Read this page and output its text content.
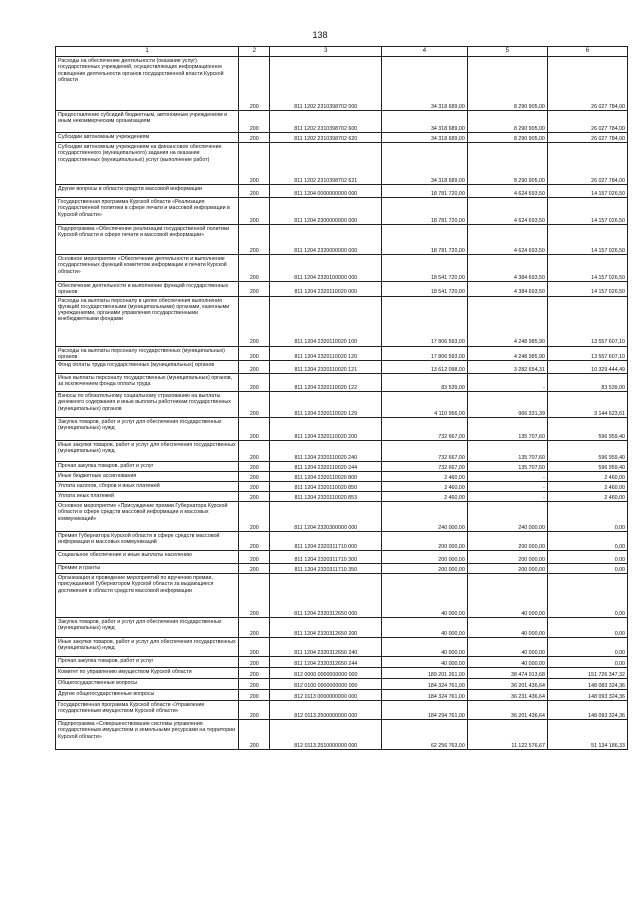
138
1	2	3	4	5	6
Расходы на обеспечение деятельности (оказание услуг) государственных учреждений, осуществляющих информационное освещение деятельности органов государственной власти Курской области	200	811 1202 2310398702 000	34 318 689,00	8 290 905,00	26 027 784,00
Предоставление субсидий бюджетным, автономным учреждениям и иным некоммерческим организациям	200	811 1202 2310398702 600	34 318 689,00	8 290 905,00	26 027 784,00
Субсидии автономным учреждениям	200	811 1202 2310398702 620	34 318 689,00	8 290 905,00	26 027 784,00
Субсидии автономным учреждениям на финансовое обеспечение государственного (муниципального) задания на оказание государственных (муниципальных) услуг (выполнение работ)	200	811 1202 2310398702 621	34 318 689,00	8 290 905,00	26 027 784,00
Другие вопросы в области средств массовой информации	200	811 1204 0000000000 000	18 781 720,00	4 624 693,50	14 157 026,50
Государственная программа Курской области «Реализация государственной политики в сфере печати и массовой информации в Курской области»	200	811 1204 2300000000 000	18 781 720,00	4 624 693,50	14 157 026,50
Подпрограмма «Обеспечение реализации государственной политики Курской области в сфере печати и массовой информации»	200	811 1204 2320000000 000	18 781 720,00	4 624 693,50	14 157 026,50
Основное мероприятие «Обеспечение деятельности и выполнение государственных функций комитетом информации и печати Курской области»	200	811 1204 2320100000 000	18 541 720,00	4 384 693,50	14 157 026,50
Обеспечение деятельности и выполнение функций государственных органов	200	811 1204 2320110020 000	18 541 720,00	4 384 693,50	14 157 026,50
Расходы на выплаты персоналу в целях обеспечения выполнения функций государственными (муниципальными) органами, казенными учреждениями, органами управления государственными внебюджетными фондами	200	811 1204 2320110020 100	17 806 593,00	4 248 985,90	13 557 607,10
Расходы на выплаты персоналу государственных (муниципальных) органов	200	811 1204 2320110020 120	17 806 593,00	4 248 985,90	13 557 607,10
Фонд оплаты труда государственных (муниципальных) органов	200	811 1204 2320110020 121	13 612 098,00	3 282 654,31	10 329 444,49
Иные выплаты персоналу государственных (муниципальных) органов, за исключением фонда оплаты труда	200	811 1204 2320110020 122	83 539,00	-	83 539,00
Взносы по обязательному социальному страхованию на выплаты денежного содержания и иные выплаты работникам государственных (муниципальных) органов	200	811 1204 2320110020 129	4 110 956,00	966 331,39	3 144 623,61
Закупка товаров, работ и услуг для обеспечения государственных (муниципальных) нужд	200	811 1204 2320110020 200	732 667,00	135 707,60	596 959,40
Иные закупки товаров, работ и услуг для обеспечения государственных (муниципальных) нужд	200	811 1204 2320110020 240	732 667,00	135 707,60	596 959,40
Прочая закупка товаров, работ и услуг	200	811 1204 2320110020 244	732 667,00	135 707,60	596 959,40
Иные бюджетные ассигнования	200	811 1204 2320110020 800	2 460,00	-	2 460,00
Уплата налогов, сборов и иных платежей	200	811 1204 2320110020 850	2 460,00	-	2 460,00
Уплата иных платежей	200	811 1204 2320110020 853	2 460,00	-	2 460,00
Основное мероприятие «Присуждение премии Губернатора Курской области в сфере средств массовой информации и массовых коммуникаций»	200	811 1204 2320300000 000	240 000,00	240 000,00	0,00
Премия Губернатора Курской области в сфере средств массовой информации и массовых коммуникаций	200	811 1204 2320311710 000	200 000,00	200 000,00	0,00
Социальное обеспечение и иные выплаты населению	200	811 1204 2320311710 300	200 000,00	200 000,00	0,00
Премии и гранты	200	811 1204 2320311710 350	200 000,00	200 000,00	0,00
Организация и проведение мероприятий по вручению премии, присуждаемой Губернатором Курской области за выдающиеся достижения в области средств массовой информации	200	811 1204 2320312650 000	40 000,00	40 000,00	0,00
Закупка товаров, работ и услуг для обеспечения государственных (муниципальных) нужд	200	811 1204 2320312650 200	40 000,00	40 000,00	0,00
Иные закупки товаров, работ и услуг для обеспечения государственных (муниципальных) нужд	200	811 1204 2320312650 240	40 000,00	40 000,00	0,00
Прочая закупка товаров, работ и услуг	200	811 1204 2320312650 244	40 000,00	40 000,00	0,00
Комитет по управлению имуществом Курской области	200	812 0000 0000000000 000	189 201 261,00	38 474 913,68	151 726 347,32
Общегосударственные вопросы	200	812 0100 0000000000 000	184 324 761,00	36 201 436,64	148 083 324,36
Другие общегосударственные вопросы	200	812 0113 0000000000 000	184 324 761,00	36 231 436,64	148 093 324,36
Государственная программа Курской области «Управление государственным имуществом Курской области»	200	812 0113 2500000000 000	184 294 761,00	36 201 436,64	148 093 324,36
Подпрограмма «Совершенствование системы управления государственным имуществом и земельными ресурсами на территории Курской области»	200	812 0113 2510000000 000	62 256 763,00	11 122 576,67	51 134 186,33
